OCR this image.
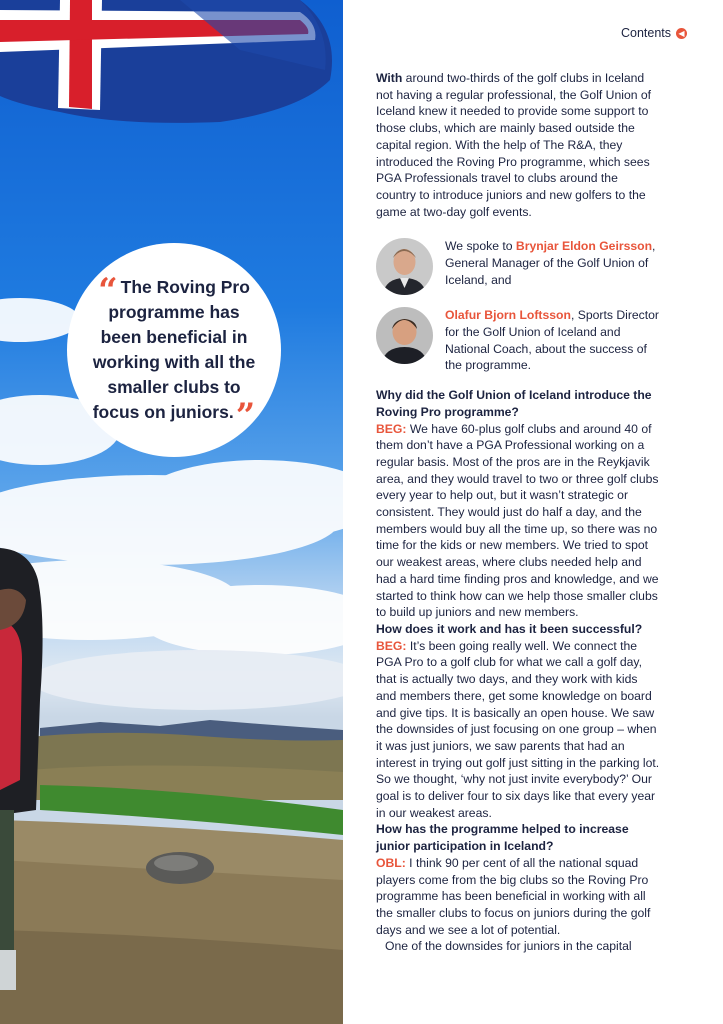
“ The Roving Pro programme has been beneficial in working with all the smaller clubs to focus on juniors.”
Contents ◀

With around two-thirds of the golf clubs in Iceland not having a regular professional, the Golf Union of Iceland knew it needed to provide some support to those clubs, which are mainly based outside the capital region. With the help of The R&A, they introduced the Roving Pro programme, which sees PGA Professionals travel to clubs around the country to introduce juniors and new golfers to the game at two-day golf events.

We spoke to Brynjar Eldon Geirsson, General Manager of the Golf Union of Iceland, and

Olafur Bjorn Loftsson, Sports Director for the Golf Union of Iceland and National Coach, about the success of the programme.

Why did the Golf Union of Iceland introduce the Roving Pro programme?

BEG: We have 60-plus golf clubs and around 40 of them don’t have a PGA Professional working on a regular basis. Most of the pros are in the Reykjavik area, and they would travel to two or three golf clubs every year to help out, but it wasn’t strategic or consistent. They would just do half a day, and the members would buy all the time up, so there was no time for the kids or new members. We tried to spot our weakest areas, where clubs needed help and had a hard time finding pros and knowledge, and we started to think how can we help those smaller clubs to build up juniors and new members.

How does it work and has it been successful?

BEG: It’s been going really well. We connect the PGA Pro to a golf club for what we call a golf day, that is actually two days, and they work with kids and members there, get some knowledge on board and give tips. It is basically an open house. We saw the downsides of just focusing on one group – when it was just juniors, we saw parents that had an interest in trying out golf just sitting in the parking lot. So we thought, ‘why not just invite everybody?’ Our goal is to deliver four to six days like that every year in our weakest areas.

How has the programme helped to increase junior participation in Iceland?

OBL: I think 90 per cent of all the national squad players come from the big clubs so the Roving Pro programme has been beneficial in working with all the smaller clubs to focus on juniors during the golf days and we see a lot of potential.

One of the downsides for juniors in the capital
